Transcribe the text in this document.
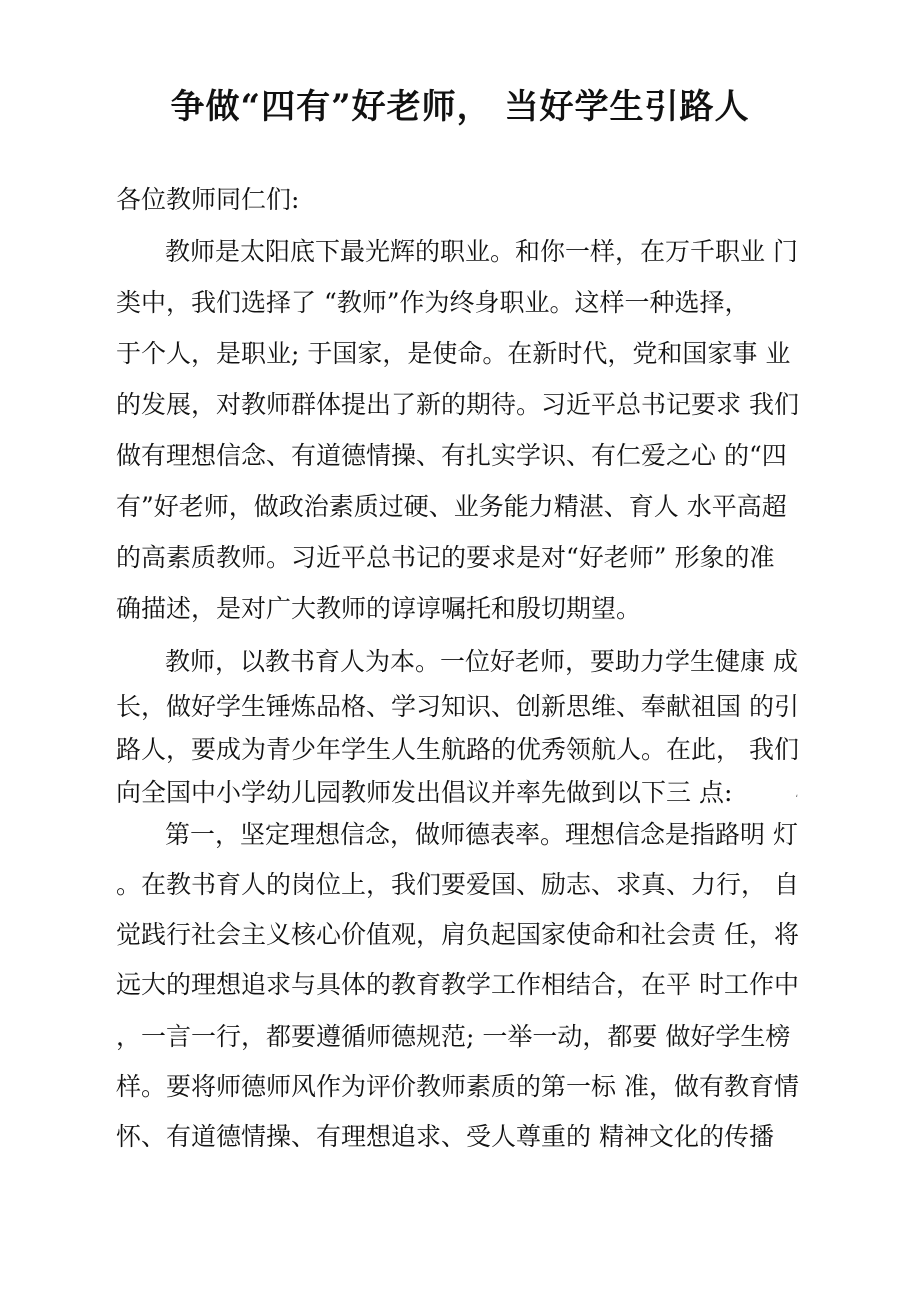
争做“四有”好老师， 当好学生引路人
各位教师同仁们:
教师是太阳底下最光辉的职业。和你一样，在万千职业 门
类中，我们选择了 “教师”作为终身职业。这样一种选择，
于个人，是职业; 于国家，是使命。在新时代，党和国家事 业
的发展，对教师群体提出了新的期待。习近平总书记要求 我们
做有理想信念、有道德情操、有扎实学识、有仁爱之心 的“四
有”好老师，做政治素质过硬、业务能力精湛、育人 水平高超
的高素质教师。习近平总书记的要求是对“好老师” 形象的准
确描述，是对广大教师的谆谆嘱托和殷切期望。
教师，以教书育人为本。一位好老师，要助力学生健康 成
长，做好学生锤炼品格、学习知识、创新思维、奉献祖国 的引
路人，要成为青少年学生人生航路的优秀领航人。在此， 我们
向全国中小学幼儿园教师发出倡议并率先做到以下三 点:	،
第一，坚定理想信念，做师德表率。理想信念是指路明 灯
。在教书育人的岗位上，我们要爱国、励志、求真、力行， 自
觉践行社会主义核心价值观，肩负起国家使命和社会责 任，将
远大的理想追求与具体的教育教学工作相结合，在平 时工作中
，一言一行，都要遵循师德规范; 一举一动，都要 做好学生榜
样。要将师德师风作为评价教师素质的第一标 准，做有教育情
怀、有道德情操、有理想追求、受人尊重的 精神文化的传播
